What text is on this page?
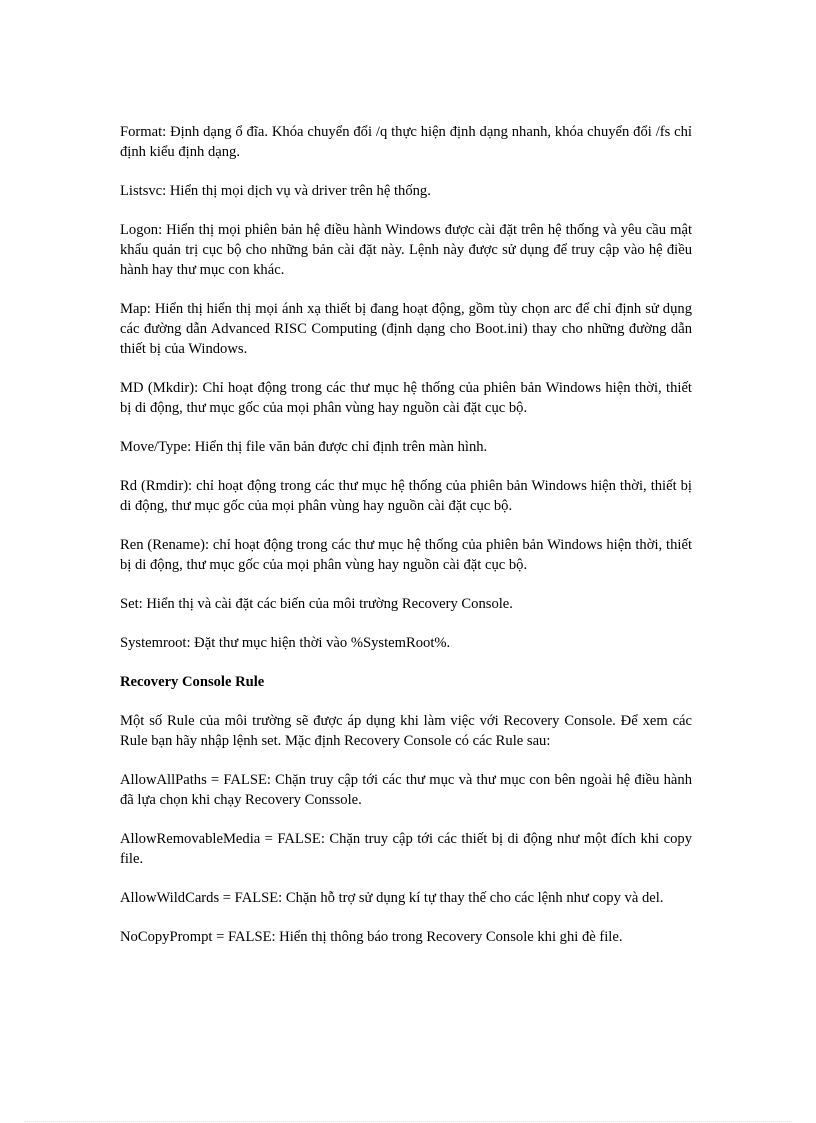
Format: Định dạng ổ đĩa. Khóa chuyển đổi /q thực hiện định dạng nhanh, khóa chuyển đổi /fs chỉ định kiểu định dạng.

Listsvc: Hiển thị mọi dịch vụ và driver trên hệ thống.

Logon: Hiển thị mọi phiên bản hệ điều hành Windows được cài đặt trên hệ thống và yêu cầu mật khẩu quản trị cục bộ cho những bản cài đặt này. Lệnh này được sử dụng để truy cập vào hệ điều hành hay thư mục con khác.

Map: Hiển thị hiển thị mọi ánh xạ thiết bị đang hoạt động, gồm tùy chọn arc để chỉ định sử dụng các đường dẫn Advanced RISC Computing (định dạng cho Boot.ini) thay cho những đường dẫn thiết bị của Windows.

MD (Mkdir): Chỉ hoạt động trong các thư mục hệ thống của phiên bản Windows hiện thời, thiết bị di động, thư mục gốc của mọi phân vùng hay nguồn cài đặt cục bộ.

Move/Type: Hiển thị file văn bản được chỉ định trên màn hình.

Rd (Rmdir): chỉ hoạt động trong các thư mục hệ thống của phiên bản Windows hiện thời, thiết bị di động, thư mục gốc của mọi phân vùng hay nguồn cài đặt cục bộ.

Ren (Rename): chỉ hoạt động trong các thư mục hệ thống của phiên bản Windows hiện thời, thiết bị di động, thư mục gốc của mọi phân vùng hay nguồn cài đặt cục bộ.

Set: Hiển thị và cài đặt các biến của môi trường Recovery Console.

Systemroot: Đặt thư mục hiện thời vào %SystemRoot%.

Recovery Console Rule

Một số Rule của môi trường sẽ được áp dụng khi làm việc với Recovery Console. Để xem các Rule bạn hãy nhập lệnh set. Mặc định Recovery Console có các Rule sau:

AllowAllPaths = FALSE: Chặn truy cập tới các thư mục và thư mục con bên ngoài hệ điều hành đã lựa chọn khi chạy Recovery Conssole.

AllowRemovableMedia = FALSE: Chặn truy cập tới các thiết bị di động như một đích khi copy file.

AllowWildCards = FALSE: Chặn hỗ trợ sử dụng kí tự thay thế cho các lệnh như copy và del.

NoCopyPrompt = FALSE: Hiển thị thông báo trong Recovery Console khi ghi đè file.
